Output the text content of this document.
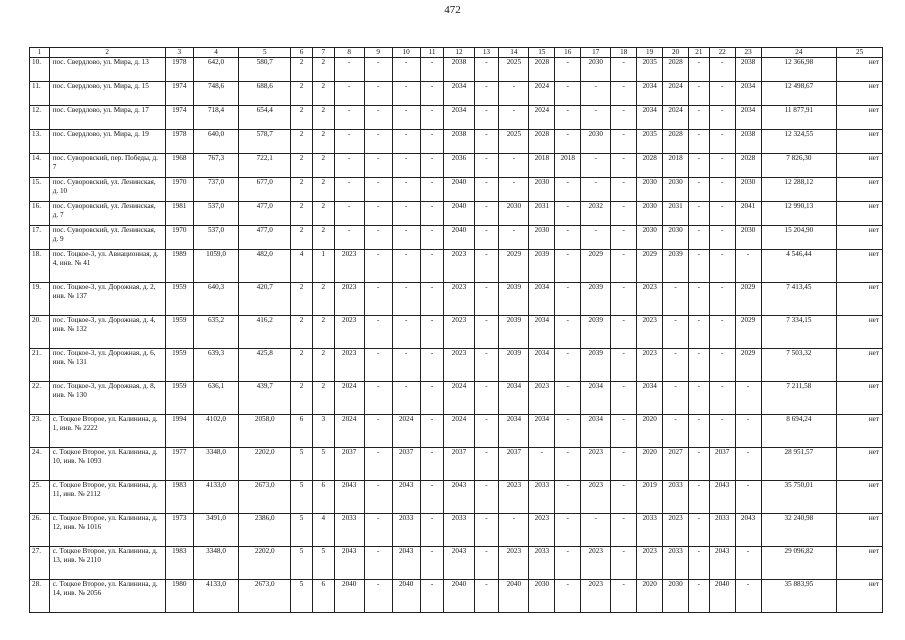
472
1	2	3	4	5	6	7	8	9	10	11	12	13	14	15	16	17	18	19	20	21	22	23	24	25
10.	пос. Свердлово, ул. Мира, д. 13	1978	642,0	580,7	2	2	-	-	-	-	2038	-	2025	2028	-	2030	-	2035	2028	-	-	2038	12 366,98	нет
11.	пос. Свердлово, ул. Мира, д. 15	1974	748,6	688,6	2	2	-	-	-	-	2034	-	-	2024	-	-	-	2034	2024	-	-	2034	12 498,67	нет
12.	пос. Свердлово, ул. Мира, д. 17	1974	718,4	654,4	2	2	-	-	-	-	2034	-	-	2024	-	-	-	2034	2024	-	-	2034	11 877,91	нет
13.	пос. Свердлово, ул. Мира, д. 19	1978	640,0	578,7	2	2	-	-	-	-	2038	-	2025	2028	-	2030	-	2035	2028	-	-	2038	12 324,55	нет
14.	пос. Суворовский, пер. Победы, д. 7	1968	767,3	722,1	2	2	-	-	-	-	2036	-	-	2018	2018	-	-	2028	2018	-	-	2028	7 826,30	нет
15.	пос. Суворовский, ул. Ленинская, д. 10	1970	737,0	677,0	2	2	-	-	-	-	2040	-	-	2030	-	-	-	2030	2030	-	-	2030	12 288,12	нет
16.	пос. Суворовский, ул. Ленинская, д. 7	1981	537,0	477,0	2	2	-	-	-	-	2040	-	2030	2031	-	2032	-	2030	2031	-	-	2041	12 990,13	нет
17.	пос. Суворовский, ул. Ленинская, д. 9	1970	537,0	477,0	2	2	-	-	-	-	2040	-	-	2030	-	-	-	2030	2030	-	-	2030	15 204,90	нет
18.	пос. Тоцкое-3, ул. Авиационная, д. 4, инв. № 41	1989	1059,0	482,0	4	1	2023	-	-	-	2023	-	2029	2039	-	2029	-	2029	2039	-	-	-	4 546,44	нет
19.	пос. Тоцкое-3, ул. Дорожная, д. 2, инв. № 137	1959	640,3	420,7	2	2	2023	-	-	-	2023	-	2039	2034	-	2039	-	2023	-	-	-	2029	7 413,45	нет
20.	пос. Тоцкое-3, ул. Дорожная, д. 4, инв. № 132	1959	635,2	416,2	2	2	2023	-	-	-	2023	-	2039	2034	-	2039	-	2023	-	-	-	2029	7 334,15	нет
21.	пос. Тоцкое-3, ул. Дорожная, д. 6, инв. № 131	1959	639,3	425,8	2	2	2023	-	-	-	2023	-	2039	2034	-	2039	-	2023	-	-	-	2029	7 503,32	нет
22.	пос. Тоцкое-3, ул. Дорожная, д. 8, инв. № 130	1959	636,1	439,7	2	2	2024	-	-	-	2024	-	2034	2023	-	2034	-	2034	-	-	-	-	7 211,58	нет
23.	с. Тоцкое Второе, ул. Калинина, д. 1, инв. № 2222	1994	4102,0	2058,0	6	3	2024	-	2024	-	2024	-	2034	2034	-	2034	-	2020	-	-	-	-	8 694,24	нет
24.	с. Тоцкое Второе, ул. Калинина, д. 10, инв. № 1093	1977	3348,0	2202,0	5	5	2037	-	2037	-	2037	-	2037	-	-	2023	-	2020	2027	-	2037	-	28 951,57	нет
25.	с. Тоцкое Второе, ул. Калинина, д. 11, инв. № 2112	1983	4133,0	2673,0	5	6	2043	-	2043	-	2043	-	2023	2033	-	2023	-	2019	2033	-	2043	-	35 750,01	нет
26.	с. Тоцкое Второе, ул. Калинина, д. 12, инв. № 1016	1973	3491,0	2386,0	5	4	2033	-	2033	-	2033	-	-	2023	-	-	-	2033	2023	-	2033	2043	32 240,98	нет
27.	с. Тоцкое Второе, ул. Калинина, д. 13, инв. № 2110	1983	3348,0	2202,0	5	5	2043	-	2043	-	2043	-	2023	2033	-	2023	-	2023	2033	-	2043	-	29 096,82	нет
28.	с. Тоцкое Второе, ул. Калинина, д. 14, инв. № 2056	1980	4133,0	2673,0	5	6	2040	-	2040	-	2040	-	2040	2030	-	2023	-	2020	2030	-	2040	-	35 883,95	нет
